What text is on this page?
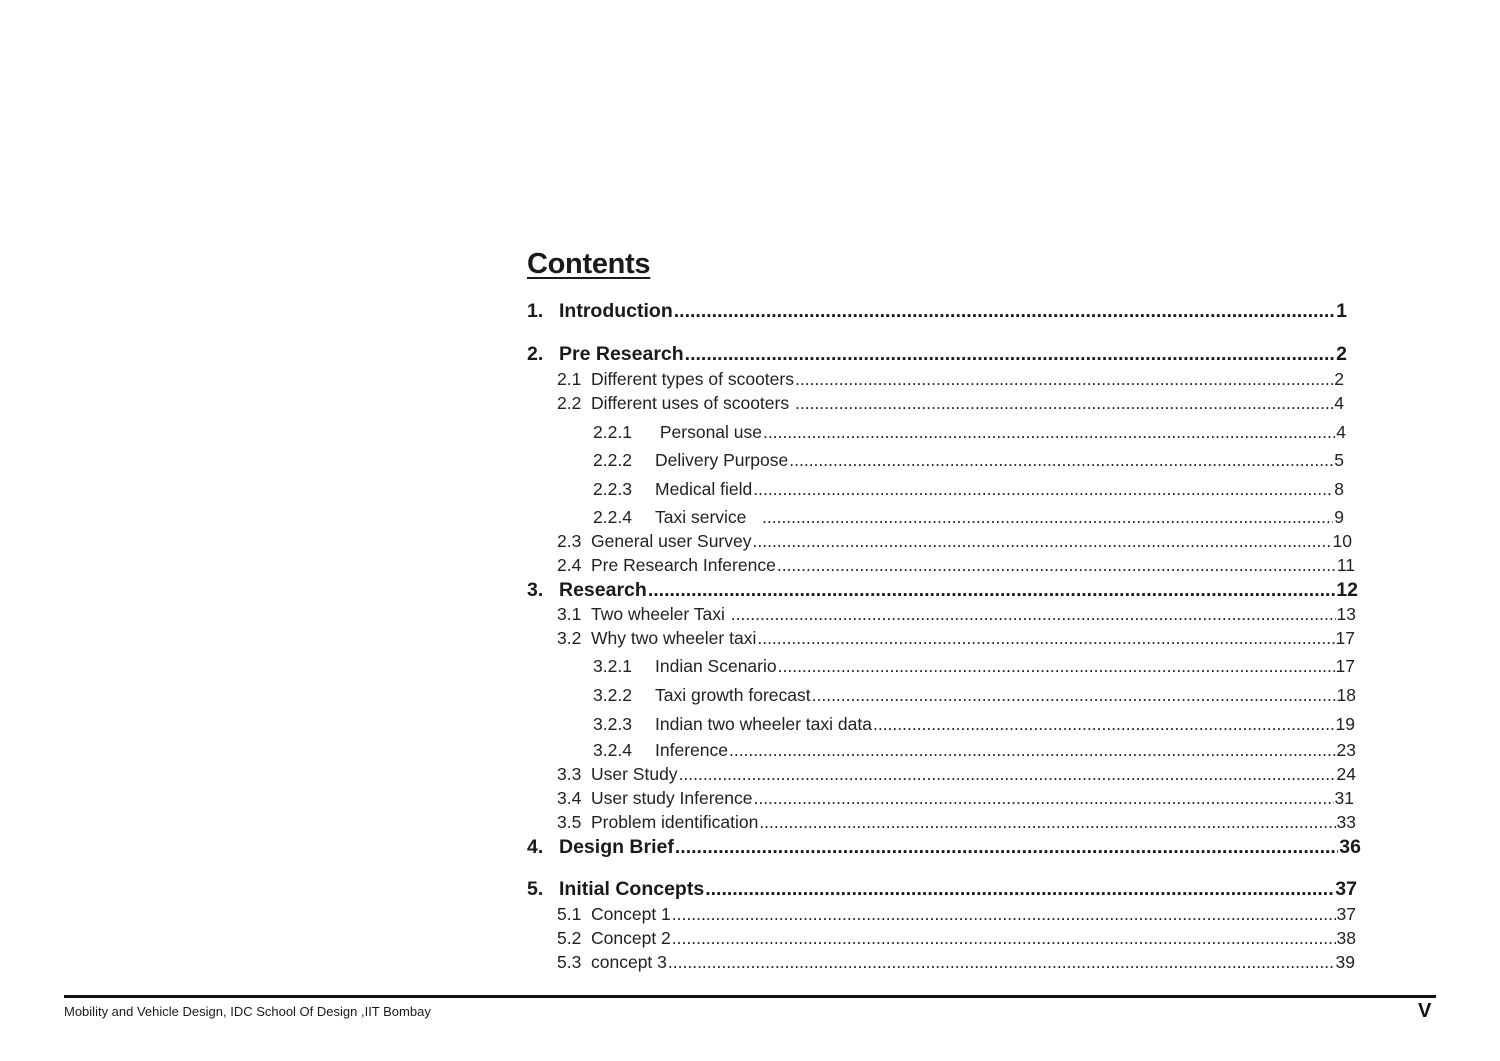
Contents
1. Introduction .....	1
2. Pre Research .....	2
2.1 Different types of scooters .....	2
2.2 Different uses of scooters .....	4
2.2.1	Personal use .....	4
2.2.2	Delivery Purpose .....	5
2.2.3	Medical field .....	8
2.2.4	Taxi service .....	9
2.3 General user Survey .....	10
2.4 Pre Research Inference .....	11
3. Research .....	12
3.1 Two wheeler Taxi .....	13
3.2 Why two wheeler taxi .....	17
3.2.1	Indian Scenario .....	17
3.2.2	Taxi growth forecast .....	18
3.2.3	Indian two wheeler taxi data .....	19
3.2.4	Inference .....	23
3.3 User Study .....	24
3.4 User study Inference .....	31
3.5 Problem identification .....	33
4. Design Brief .....	36
5. Initial Concepts .....	37
5.1 Concept 1 .....	37
5.2 Concept 2 .....	38
5.3 concept 3 .....	39
Mobility and Vehicle Design, IDC School Of Design ,IIT Bombay	V
